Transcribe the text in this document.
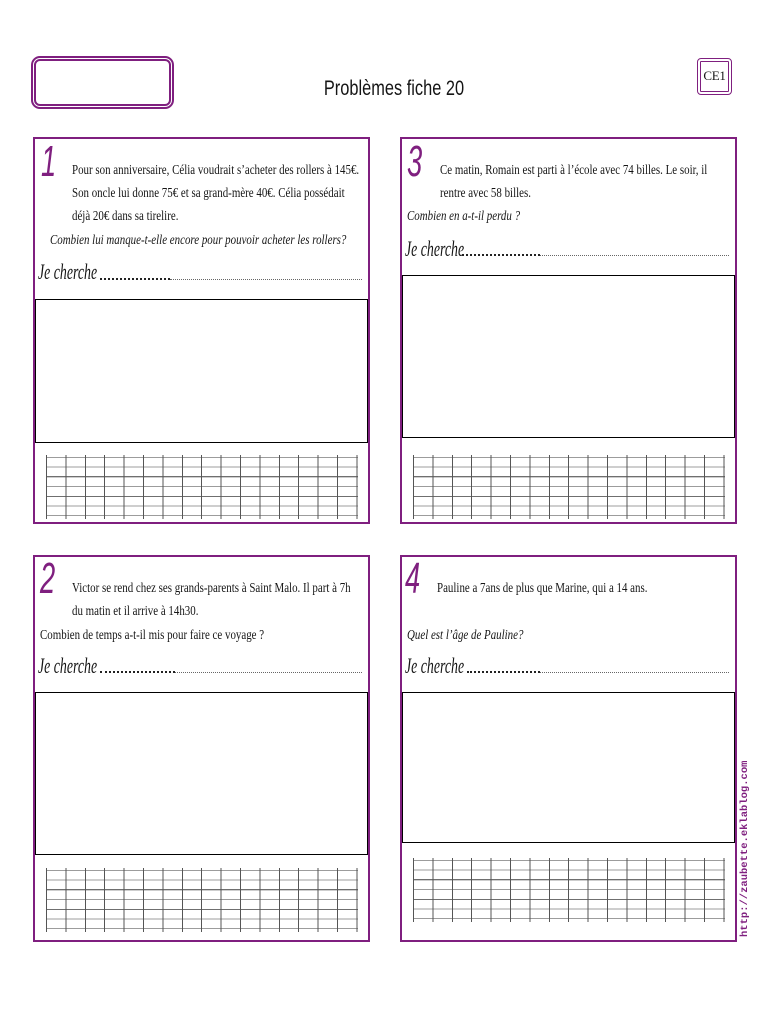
Problèmes fiche 20
CE1
1 Pour son anniversaire, Célia voudrait s’acheter des rollers à 145€.
Son oncle lui donne 75€ et sa grand-mère 40€. Célia possédait
déjà 20€ dans sa tirelire.
Combien lui manque-t-elle encore pour pouvoir acheter les rollers?
Je cherche
3 Ce matin, Romain est parti à l’école avec 74 billes. Le soir, il
rentre avec 58 billes.
Combien en a-t-il perdu ?
Je cherche
2 Victor se rend chez ses grands-parents à Saint Malo. Il part à 7h
du matin et il arrive à 14h30.
Combien de temps a-t-il mis pour faire ce voyage ?
Je cherche
4 Pauline a 7ans de plus que Marine, qui a 14 ans.
Quel est l’âge de Pauline?
Je cherche
http://zaubette.eklablog.com
